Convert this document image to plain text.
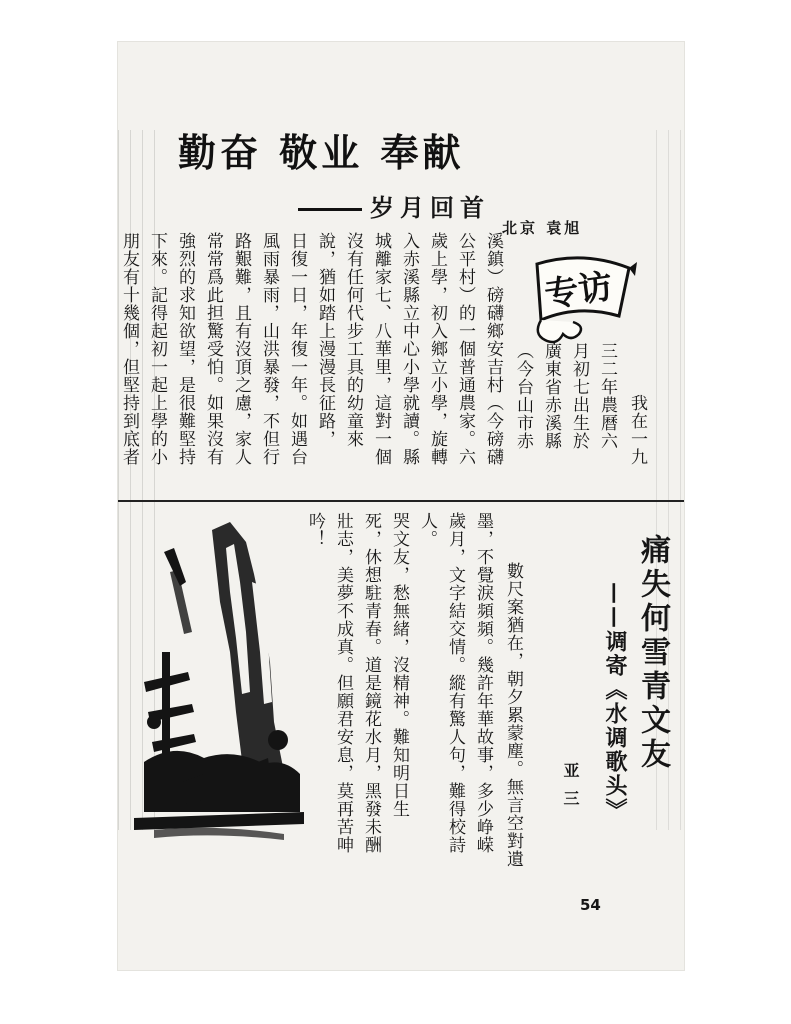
勤奋 敬业 奉献
岁月回首
北京 袁旭
专访
我在一九
三二年農曆六
月初七出生於
廣東省赤溪縣
（今台山市赤
溪鎮）磅礴鄉安吉村（今磅礴
公平村）的一個普通農家。六
歲上學，初入鄉立小學，旋轉
入赤溪縣立中心小學就讀。縣
城離家七、八華里，這對一個
沒有任何代步工具的幼童來
說，猶如踏上漫漫長征路，
日復一日，年復一年。如遇台
風雨暴雨，山洪暴發，不但行
路艱難，且有沒頂之慮，家人
常常爲此担驚受怕。如果沒有
強烈的求知欲望，是很難堅持
下來。記得起初一起上學的小
朋友有十幾個，但堅持到底者
痛失何雪青文友
——调寄《水调歌头》
亚三
數尺案猶在，朝夕累蒙塵。無言空對遺
墨，不覺淚頻頻。幾許年華故事，多少峥嵘
歲月，文字結交情。縱有驚人句，難得校詩
人。
哭文友，愁無緒，沒精神。難知明日生
死，休想駐青春。道是鏡花水月，黑發未酬
壯志，美夢不成真。但願君安息，莫再苦呻
吟！
54
